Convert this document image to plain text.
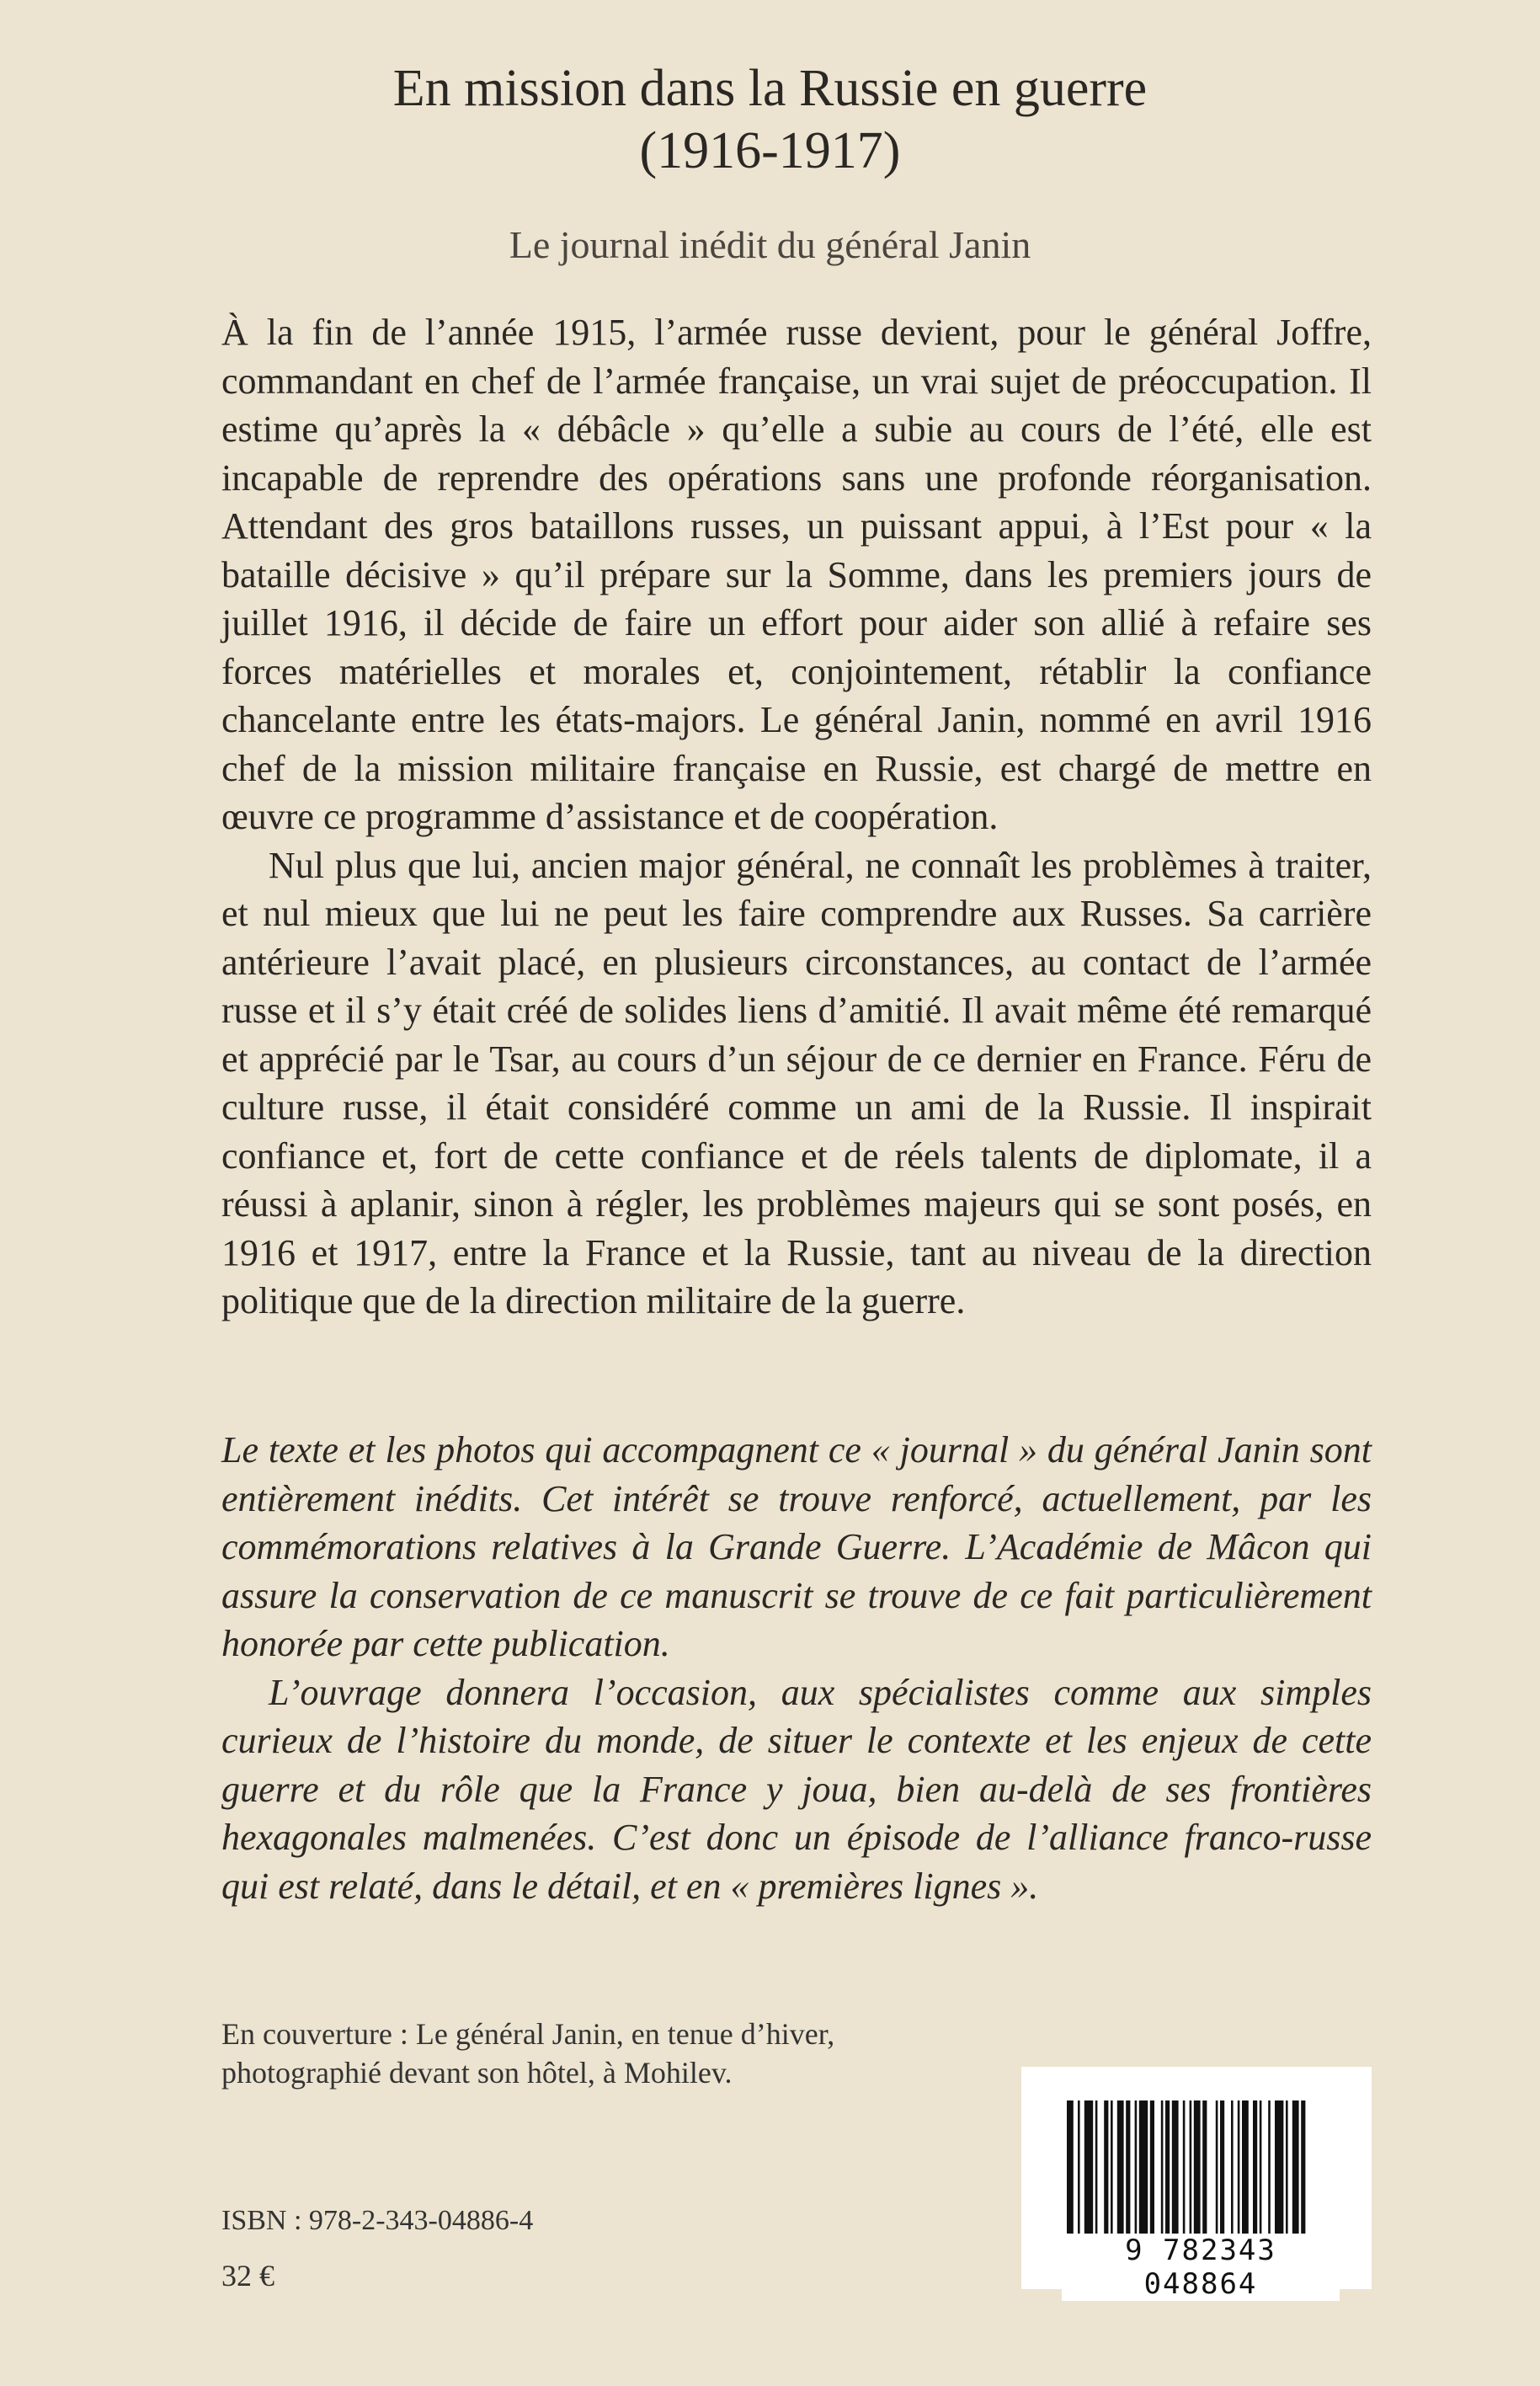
En mission dans la Russie en guerre
(1916-1917)
Le journal inédit du général Janin

À la fin de l’année 1915, l’armée russe devient, pour le général Joffre, commandant en chef de l’armée française, un vrai sujet de préoccupation. Il estime qu’après la « débâcle » qu’elle a subie au cours de l’été, elle est incapable de reprendre des opérations sans une profonde réorganisation. Attendant des gros bataillons russes, un puissant appui, à l’Est pour « la bataille décisive » qu’il prépare sur la Somme, dans les premiers jours de juillet 1916, il décide de faire un effort pour aider son allié à refaire ses forces matérielles et morales et, conjointement, rétablir la confiance chancelante entre les états-majors. Le général Janin, nommé en avril 1916 chef de la mission militaire française en Russie, est chargé de mettre en œuvre ce programme d’assistance et de coopération.

Nul plus que lui, ancien major général, ne connaît les problèmes à traiter, et nul mieux que lui ne peut les faire comprendre aux Russes. Sa carrière antérieure l’avait placé, en plusieurs circonstances, au contact de l’armée russe et il s’y était créé de solides liens d’amitié. Il avait même été remarqué et apprécié par le Tsar, au cours d’un séjour de ce dernier en France. Féru de culture russe, il était considéré comme un ami de la Russie. Il inspirait confiance et, fort de cette confiance et de réels talents de diplomate, il a réussi à aplanir, sinon à régler, les problèmes majeurs qui se sont posés, en 1916 et 1917, entre la France et la Russie, tant au niveau de la direction politique que de la direction militaire de la guerre.

Le texte et les photos qui accompagnent ce « journal » du général Janin sont entièrement inédits. Cet intérêt se trouve renforcé, actuellement, par les commémorations relatives à la Grande Guerre. L’Académie de Mâcon qui assure la conservation de ce manuscrit se trouve de ce fait particulièrement honorée par cette publication.

L’ouvrage donnera l’occasion, aux spécialistes comme aux simples curieux de l’histoire du monde, de situer le contexte et les enjeux de cette guerre et du rôle que la France y joua, bien au-delà de ses frontières hexagonales malmenées. C’est donc un épisode de l’alliance franco-russe qui est relaté, dans le détail, et en « premières lignes ».

En couverture : Le général Janin, en tenue d’hiver,
photographié devant son hôtel, à Mohilev.

ISBN : 978-2-343-04886-4

32 €

9 782343 048864
